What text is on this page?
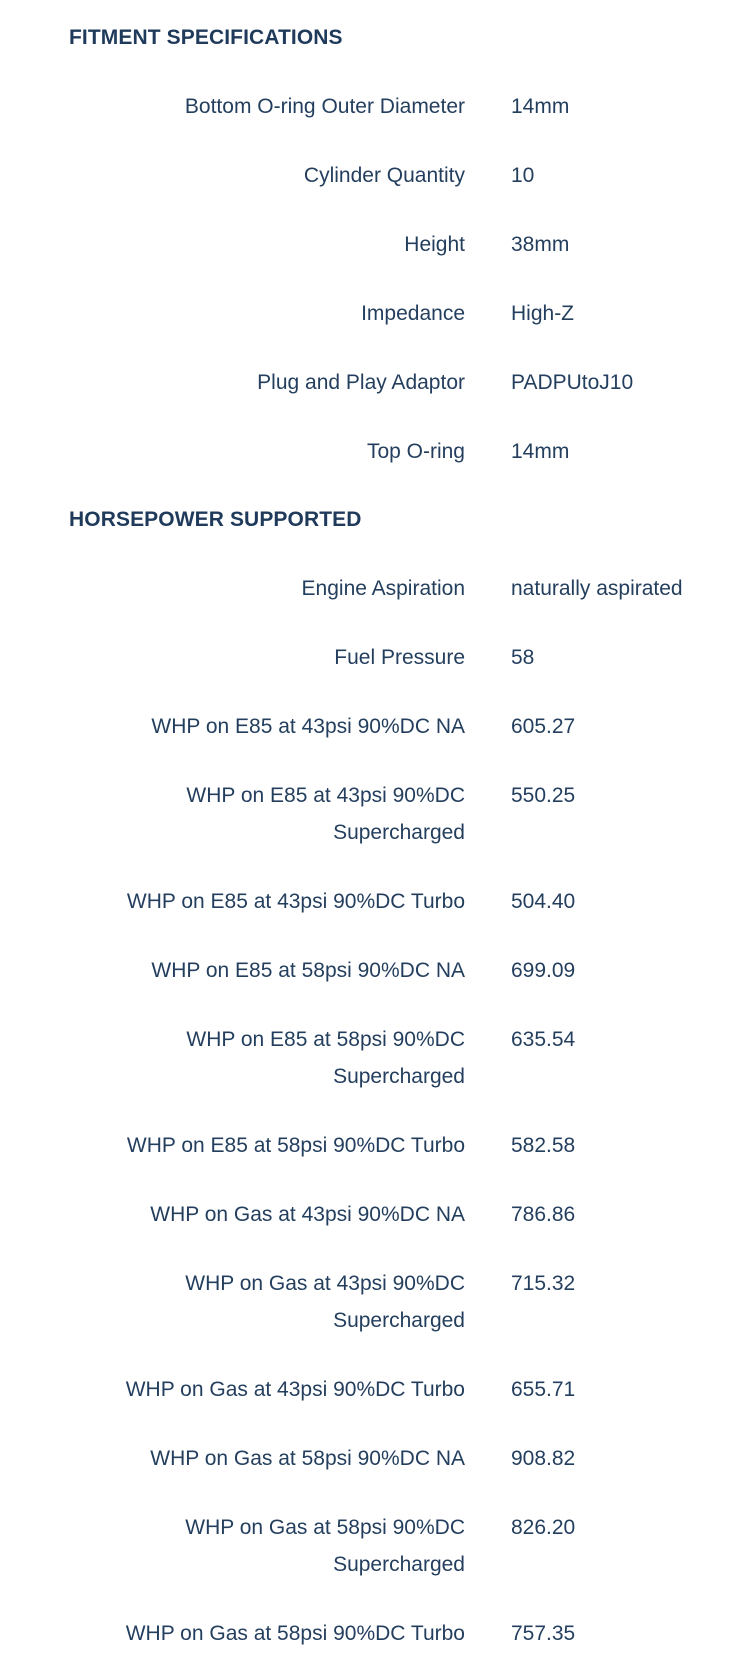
FITMENT SPECIFICATIONS
Bottom O-ring Outer Diameter 14mm
Cylinder Quantity 10
Height 38mm
Impedance High-Z
Plug and Play Adaptor PADPUtoJ10
Top O-ring 14mm
HORSEPOWER SUPPORTED
Engine Aspiration naturally aspirated
Fuel Pressure 58
WHP on E85 at 43psi 90%DC NA 605.27
WHP on E85 at 43psi 90%DC Supercharged
550.25
WHP on E85 at 43psi 90%DC Turbo 504.40
WHP on E85 at 58psi 90%DC NA 699.09
WHP on E85 at 58psi 90%DC Supercharged
635.54
WHP on E85 at 58psi 90%DC Turbo 582.58
WHP on Gas at 43psi 90%DC NA 786.86
WHP on Gas at 43psi 90%DC Supercharged
715.32
WHP on Gas at 43psi 90%DC Turbo 655.71
WHP on Gas at 58psi 90%DC NA 908.82
WHP on Gas at 58psi 90%DC Supercharged
826.20
WHP on Gas at 58psi 90%DC Turbo 757.35
